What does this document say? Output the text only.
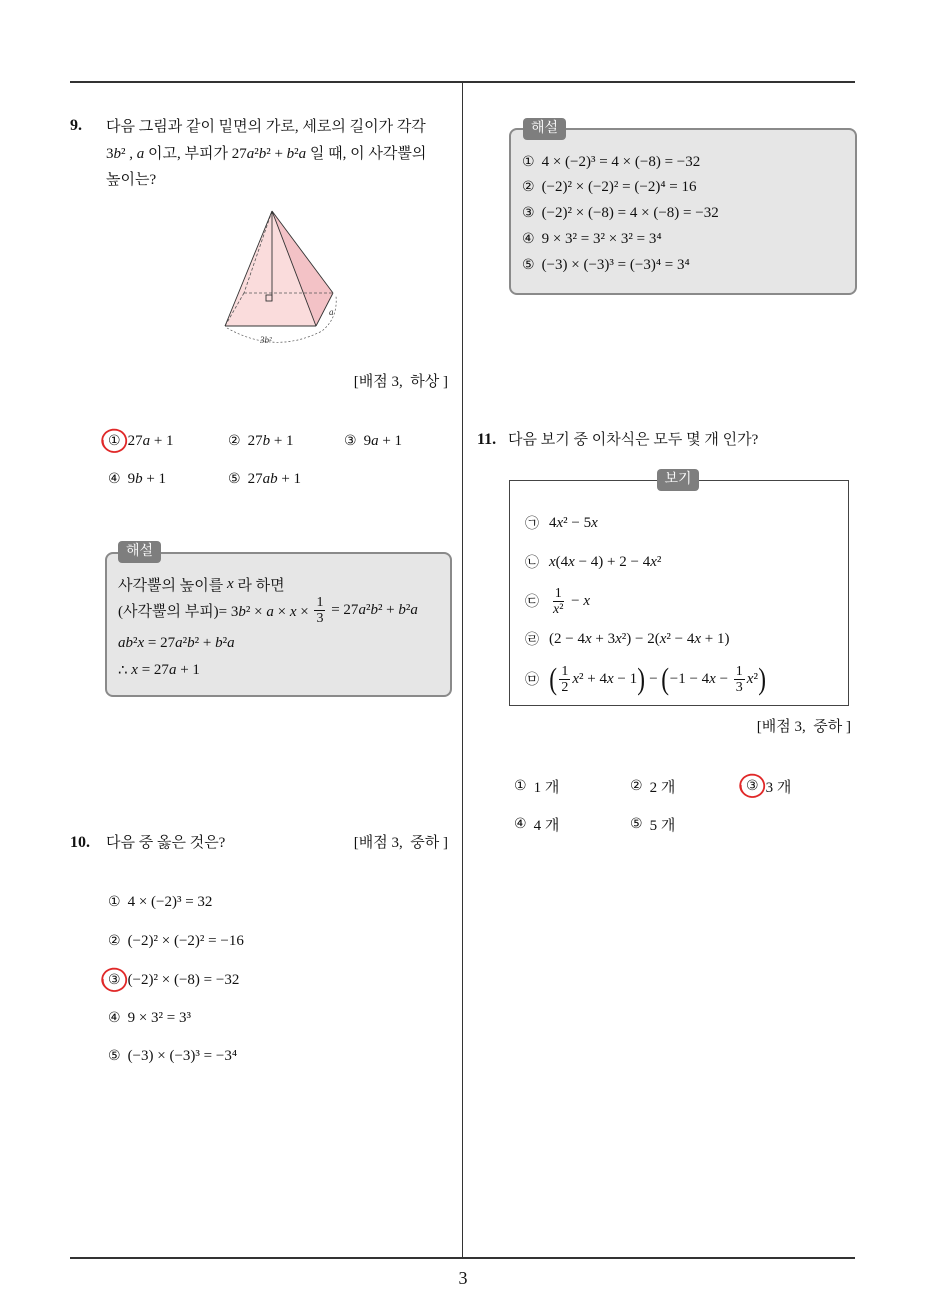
3
9. 다음 그림과 같이 밑면의 가로, 세로의 길이가 각각
3b² , a 이고, 부피가 27a²b² + b²a 일 때, 이 사각뿔의
높이는?
3b²
a
[배점 3,  하상 ]
① 27a + 1	② 27b + 1	③ 9a + 1
④ 9b + 1	⑤ 27ab + 1
해설
사각뿔의 높이를 x 라 하면
(사각뿔의 부피)= $3b^2 \times a \times x \times \frac{1}{3} = 27a^2b^2 + b^2a$
a b ² x = 27 a ² b ² + b ² a
∴ x = 27 a + 1
10. 다음 중 옳은 것은?	[배점 3,  중하 ]
① 4 × (−2)³ = 32
② (−2)² × (−2)² = −16
③ (−2)² × (−8) = −32
④ 9 × 3² = 3³
⑤ (−3) × (−3)³ = −3⁴
해설
① 4 × (−2)³ = 4 × (−8) = −32
② (−2)² × (−2)² = (−2)⁴ = 16
③ (−2)² × (−8) = 4 × (−8) = −32
④ 9 × 3² = 3² × 3² = 3⁴
⑤ (−3) × (−3)³ = (−3)⁴ = 3⁴
11. 다음 보기 중 이차식은 모두 몇 개 인가?
보기
㉠ 4x² − 5x
㉡ x(4x − 4) + 2 − 4x²
㉢ $\frac{1}{\text{x²}} - x$
㉣ (2 − 4x + 3x²) − 2(x² − 4x + 1)
㉤ ( $\frac{1}{2} x^2 + 4x - 1$ ) − ( $-1 - 4x - \frac{1}{3} x^2$ )
[배점 3,  중하 ]
① 1 개	② 2 개	③ 3 개
④ 4 개	⑤ 5 개
